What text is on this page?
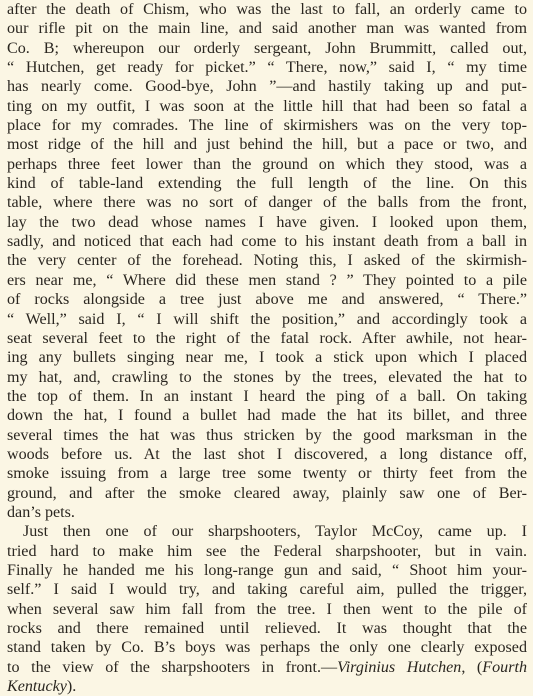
after the death of Chism, who was the last to fall, an orderly came to
our rifle pit on the main line, and said another man was wanted from
Co. B; whereupon our orderly sergeant, John Brummitt, called out,
“ Hutchen, get ready for picket.” “ There, now,” said I, “ my time
has nearly come. Good-bye, John ”—and hastily taking up and put-
ting on my outfit, I was soon at the little hill that had been so fatal a
place for my comrades. The line of skirmishers was on the very top-
most ridge of the hill and just behind the hill, but a pace or two, and
perhaps three feet lower than the ground on which they stood, was a
kind of table-land extending the full length of the line. On this
table, where there was no sort of danger of the balls from the front,
lay the two dead whose names I have given. I looked upon them,
sadly, and noticed that each had come to his instant death from a ball in
the very center of the forehead. Noting this, I asked of the skirmish-
ers near me, “ Where did these men stand ? ” They pointed to a pile
of rocks alongside a tree just above me and answered, “ There.”
“ Well,” said I, “ I will shift the position,” and accordingly took a
seat several feet to the right of the fatal rock. After awhile, not hear-
ing any bullets singing near me, I took a stick upon which I placed
my hat, and, crawling to the stones by the trees, elevated the hat to
the top of them. In an instant I heard the ping of a ball. On taking
down the hat, I found a bullet had made the hat its billet, and three
several times the hat was thus stricken by the good marksman in the
woods before us. At the last shot I discovered, a long distance off,
smoke issuing from a large tree some twenty or thirty feet from the
ground, and after the smoke cleared away, plainly saw one of Ber-
dan’s pets.
Just then one of our sharpshooters, Taylor McCoy, came up. I
tried hard to make him see the Federal sharpshooter, but in vain.
Finally he handed me his long-range gun and said, “ Shoot him your-
self.” I said I would try, and taking careful aim, pulled the trigger,
when several saw him fall from the tree. I then went to the pile of
rocks and there remained until relieved. It was thought that the
stand taken by Co. B’s boys was perhaps the only one clearly exposed
to the view of the sharpshooters in front.—Virginius Hutchen, (Fourth
Kentucky).
